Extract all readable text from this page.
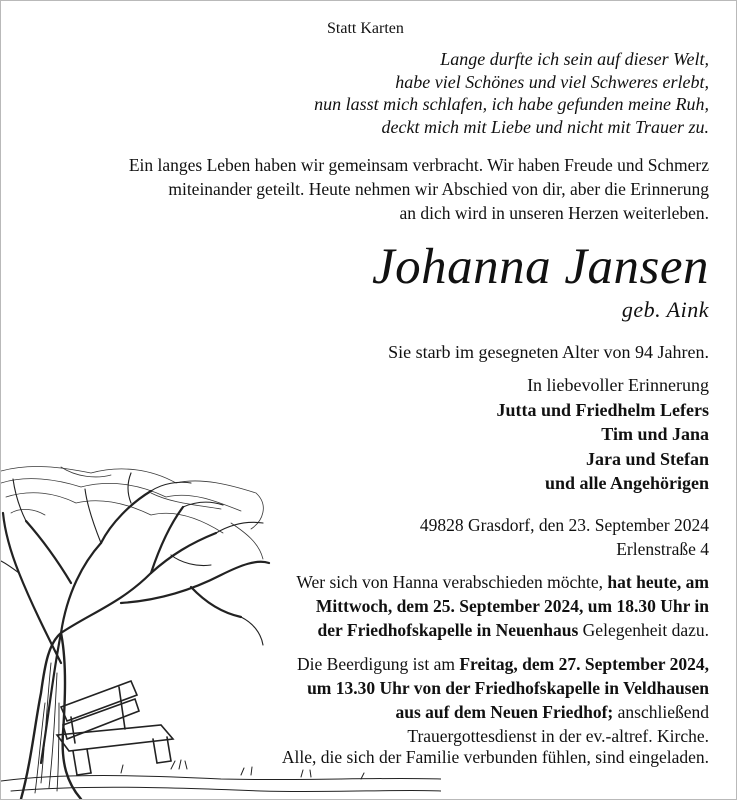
Statt Karten
Lange durfte ich sein auf dieser Welt,
habe viel Schönes und viel Schweres erlebt,
nun lasst mich schlafen, ich habe gefunden meine Ruh,
deckt mich mit Liebe und nicht mit Trauer zu.
Ein langes Leben haben wir gemeinsam verbracht. Wir haben Freude und Schmerz
miteinander geteilt. Heute nehmen wir Abschied von dir, aber die Erinnerung
an dich wird in unseren Herzen weiterleben.
Johanna Jansen
geb. Aink
Sie starb im gesegneten Alter von 94 Jahren.
In liebevoller Erinnerung
Jutta und Friedhelm Lefers
Tim und Jana
Jara und Stefan
und alle Angehörigen
49828 Grasdorf, den 23. September 2024
Erlenstraße 4
Wer sich von Hanna verabschieden möchte, hat heute, am
Mittwoch, dem 25. September 2024, um 18.30 Uhr in
der Friedhofskapelle in Neuenhaus Gelegenheit dazu.
Die Beerdigung ist am Freitag, dem 27. September 2024,
um 13.30 Uhr von der Friedhofskapelle in Veldhausen
aus auf dem Neuen Friedhof; anschließend
Trauergottesdienst in der ev.-altref. Kirche.
Alle, die sich der Familie verbunden fühlen, sind eingeladen.
